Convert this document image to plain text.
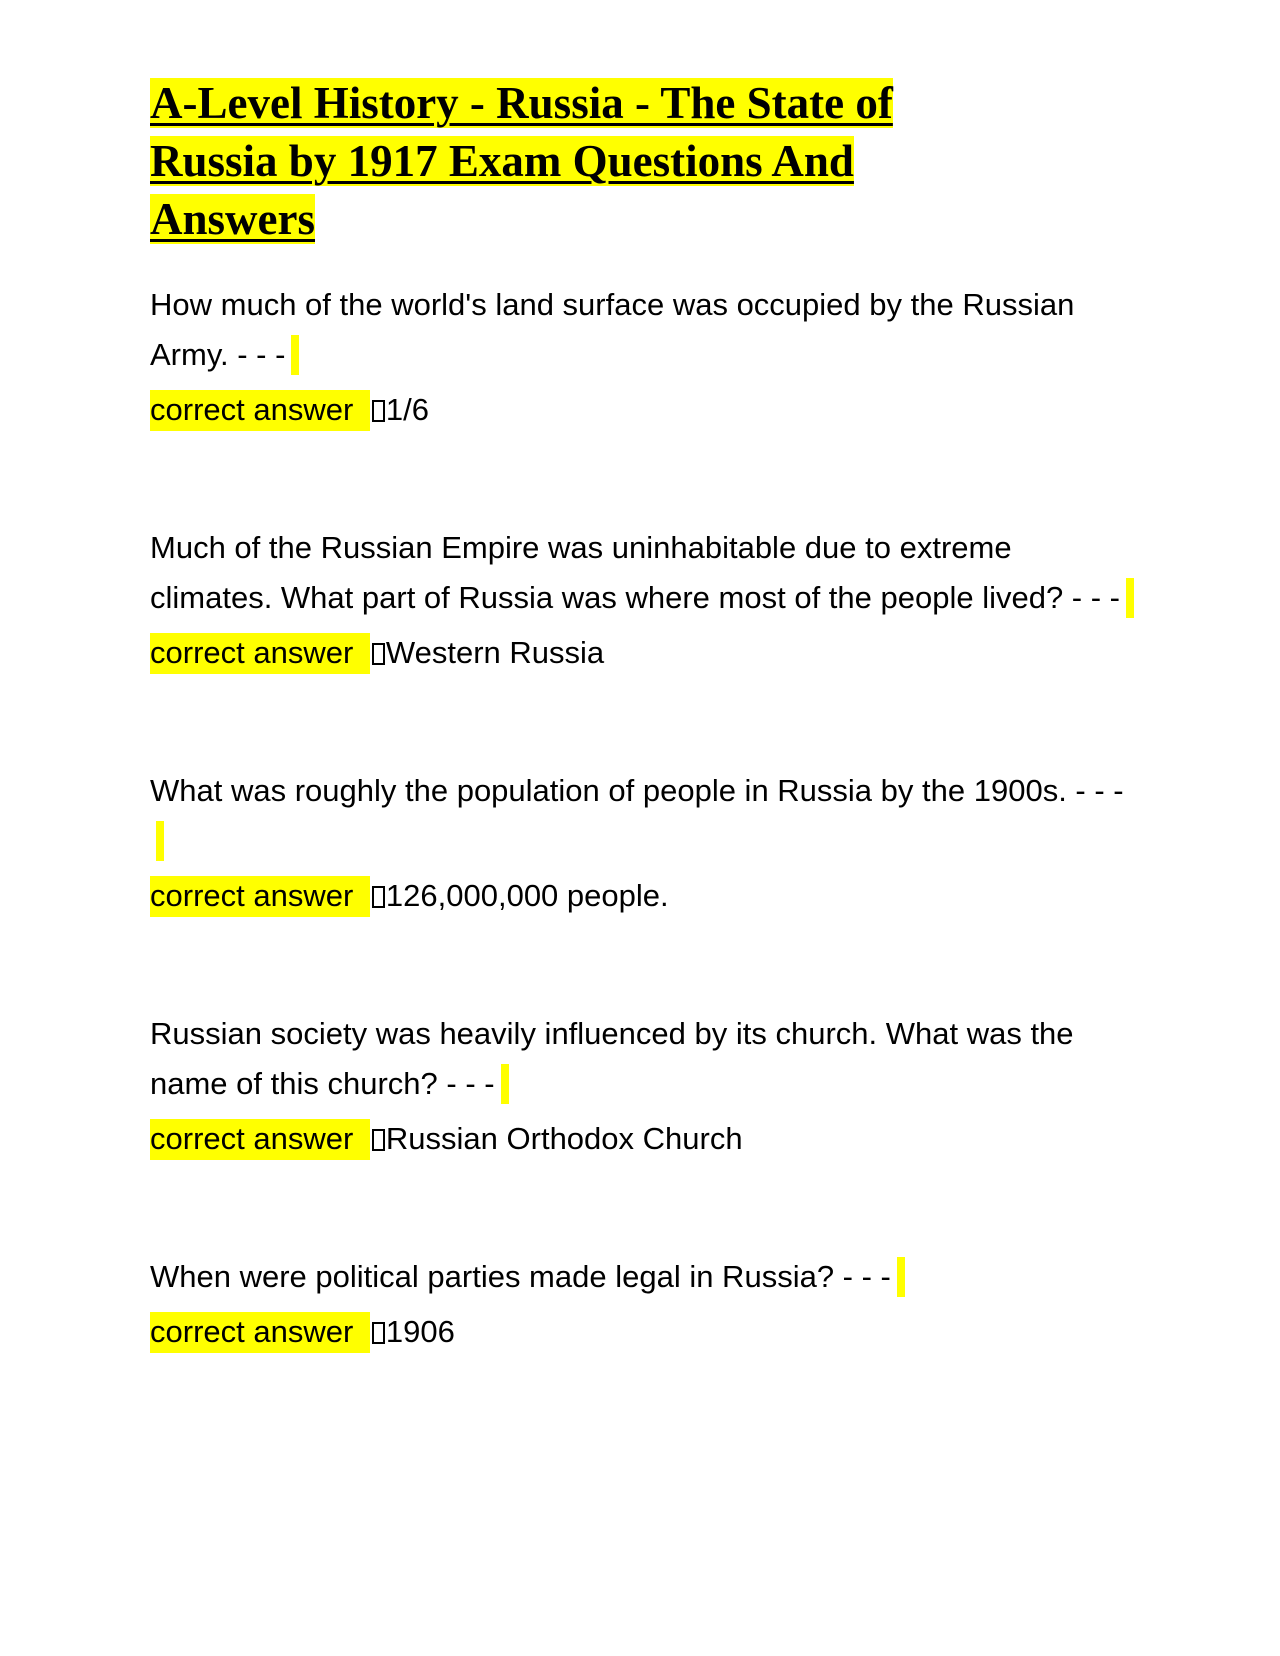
A-Level History - Russia - The State of Russia by 1917 Exam Questions And Answers

How much of the world's land surface was occupied by the Russian Army. - - -

correct answer 1/6

Much of the Russian Empire was uninhabitable due to extreme climates. What part of Russia was where most of the people lived? - - -

correct answer Western Russia

What was roughly the population of people in Russia by the 1900s. - - -

correct answer 126,000,000 people.

Russian society was heavily influenced by its church. What was the name of this church? - - -

correct answer Russian Orthodox Church

When were political parties made legal in Russia? - - -

correct answer 1906
